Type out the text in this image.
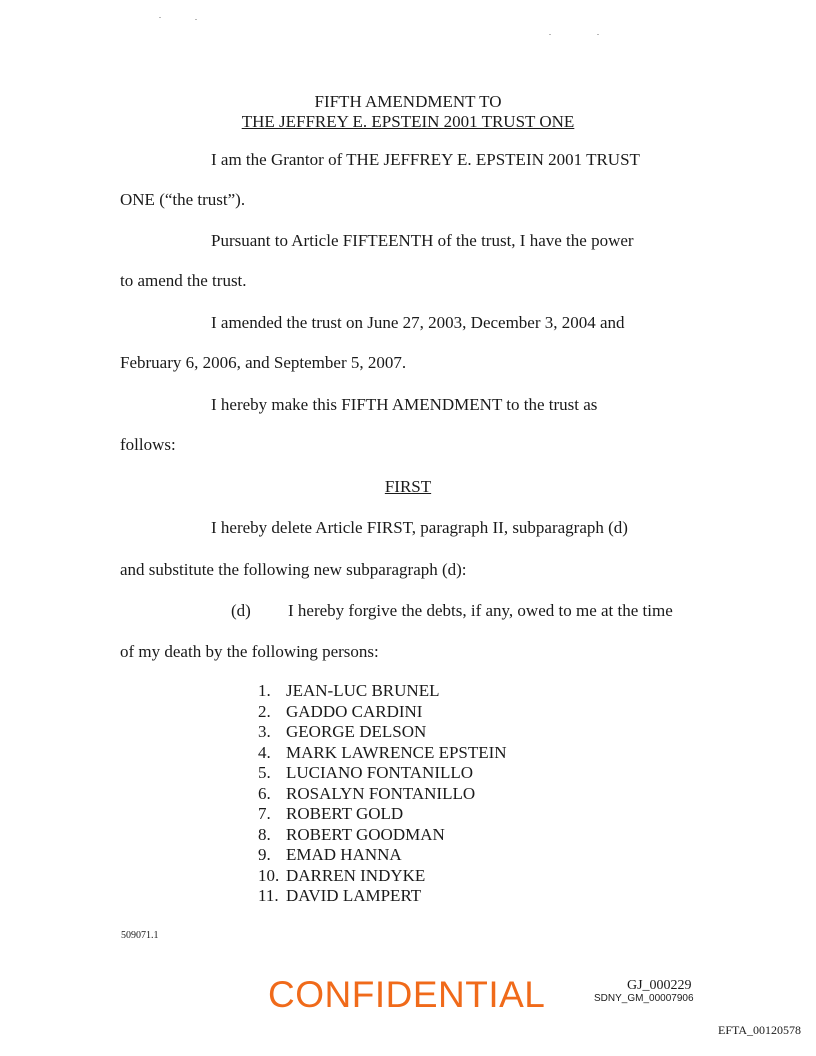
FIFTH AMENDMENT TO
THE JEFFREY E. EPSTEIN 2001 TRUST ONE
I am the Grantor of THE JEFFREY E. EPSTEIN 2001 TRUST
ONE (“the trust”).
Pursuant to Article FIFTEENTH of the trust, I have the power
to amend the trust.
I amended the trust on June 27, 2003, December 3, 2004 and
February 6, 2006, and September 5, 2007.
I hereby make this FIFTH AMENDMENT to the trust as
follows:
FIRST
I hereby delete Article FIRST, paragraph II, subparagraph (d)
and substitute the following new subparagraph (d):
(d) I hereby forgive the debts, if any, owed to me at the time
of my death by the following persons:
1. JEAN-LUC BRUNEL
2. GADDO CARDINI
3. GEORGE DELSON
4. MARK LAWRENCE EPSTEIN
5. LUCIANO FONTANILLO
6. ROSALYN FONTANILLO
7. ROBERT GOLD
8. ROBERT GOODMAN
9. EMAD HANNA
10. DARREN INDYKE
11. DAVID LAMPERT
509071.1
CONFIDENTIAL	GJ_000229
SDNY_GM_00007906
EFTA_00120578
